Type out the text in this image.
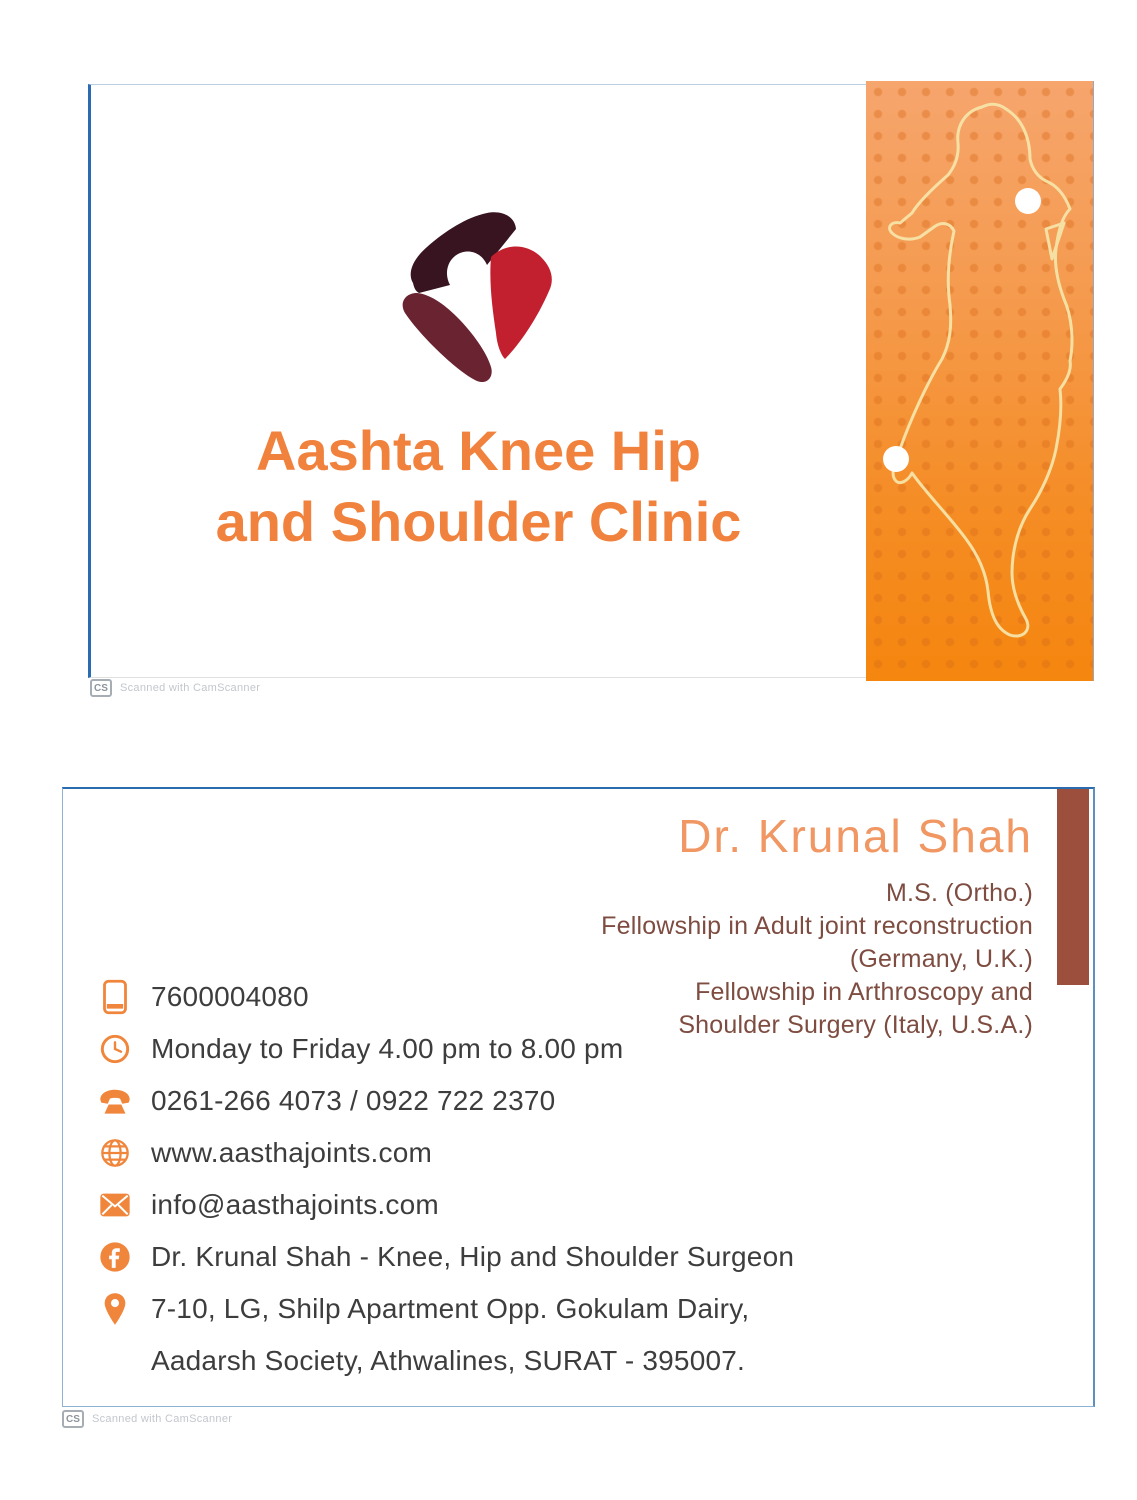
Aashta Knee Hip
and Shoulder Clinic
CS	Scanned with CamScanner
Dr. Krunal Shah
M.S. (Ortho.)
Fellowship in Adult joint reconstruction
(Germany, U.K.)
Fellowship in Arthroscopy and
Shoulder Surgery (Italy, U.S.A.)
7600004080
Monday to Friday 4.00 pm to 8.00 pm
0261-266 4073 / 0922 722 2370
www.aasthajoints.com
info@aasthajoints.com
Dr. Krunal Shah - Knee, Hip and Shoulder Surgeon
7-10, LG, Shilp Apartment Opp. Gokulam Dairy,
Aadarsh Society, Athwalines, SURAT - 395007.
CS	Scanned with CamScanner
